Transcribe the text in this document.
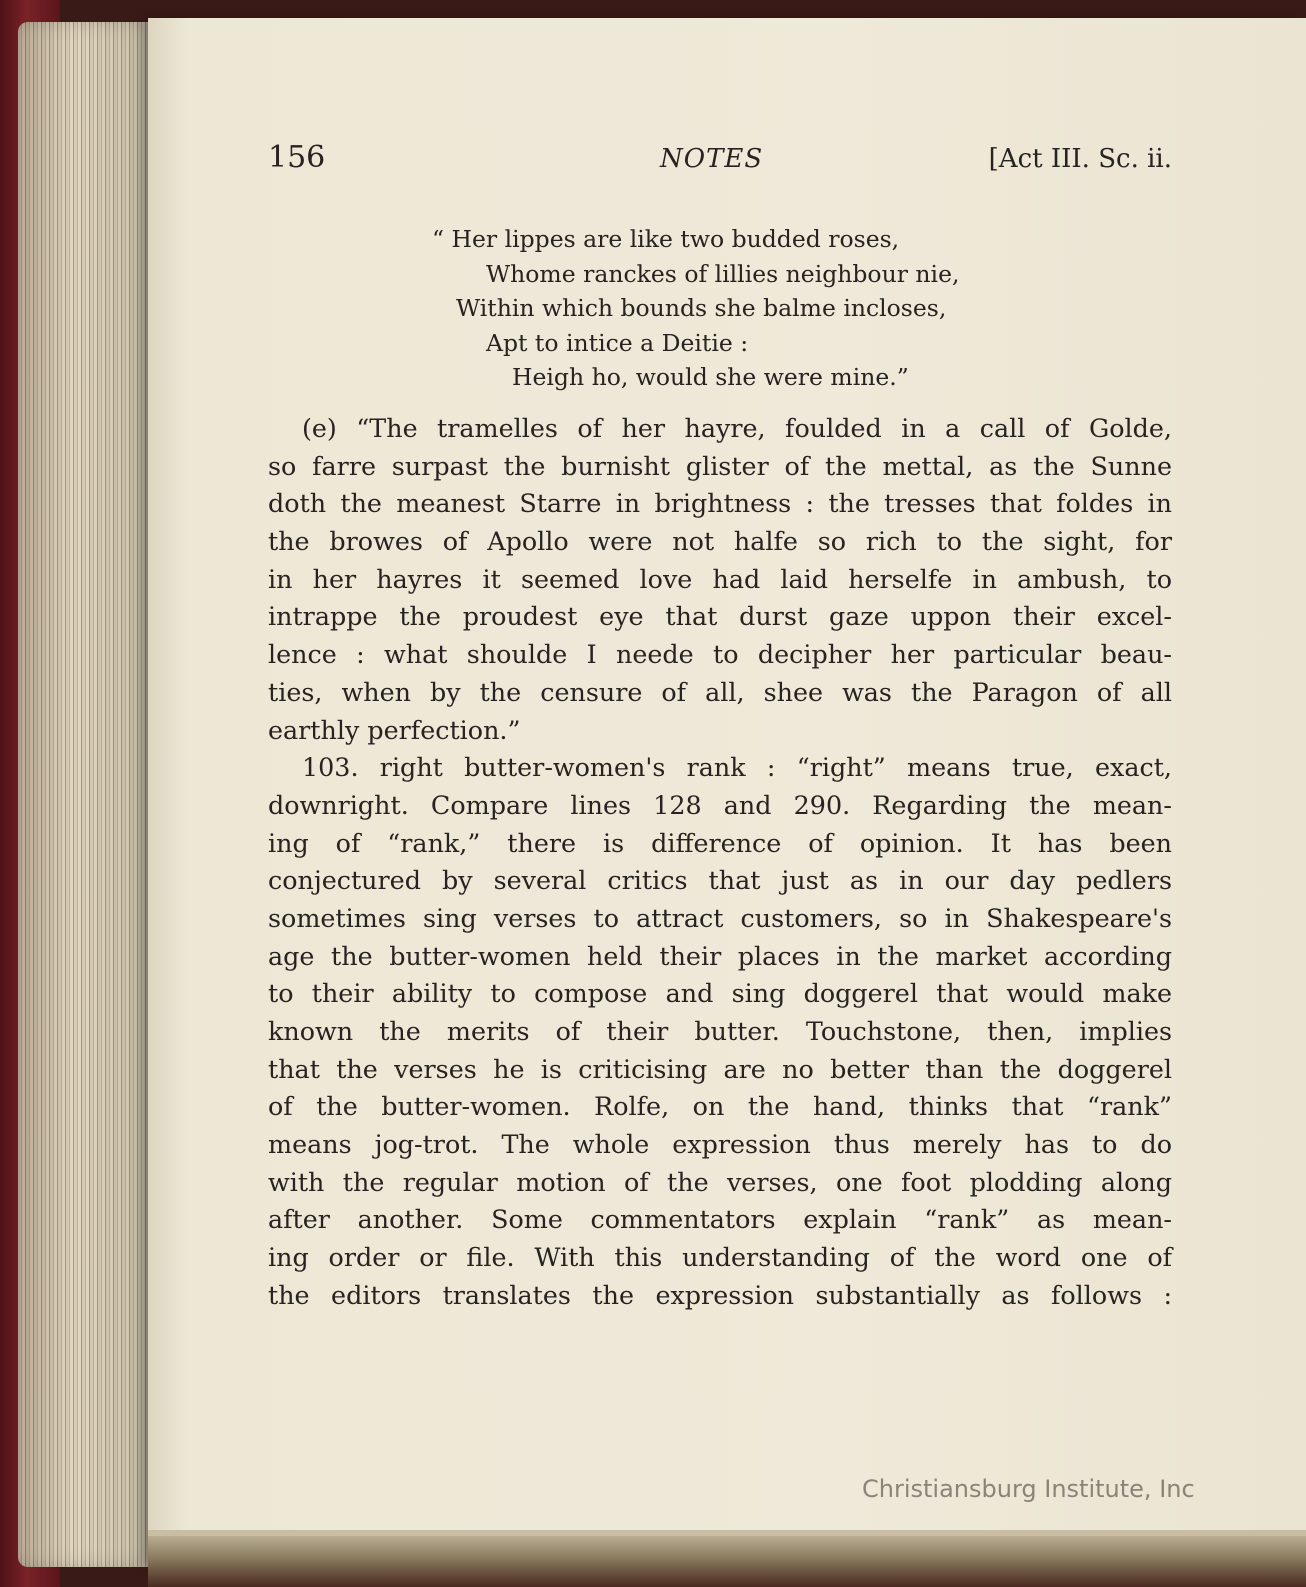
156	NOTES	[Act III. Sc. ii.
“ Her lippes are like two budded roses,
Whome ranckes of lillies neighbour nie,
Within which bounds she balme incloses,
Apt to intice a Deitie :
Heigh ho, would she were mine.”
(e) “The tramelles of her hayre, foulded in a call of Golde,
so farre surpast the burnisht glister of the mettal, as the Sunne
doth the meanest Starre in brightness : the tresses that foldes in
the browes of Apollo were not halfe so rich to the sight, for
in her hayres it seemed love had laid herselfe in ambush, to
intrappe the proudest eye that durst gaze uppon their excel-
lence : what shoulde I neede to decipher her particular beau-
ties, when by the censure of all, shee was the Paragon of all
earthly perfection.”
103. right butter-women's rank : “right” means true, exact,
downright. Compare lines 128 and 290. Regarding the mean-
ing of “rank,” there is difference of opinion. It has been
conjectured by several critics that just as in our day pedlers
sometimes sing verses to attract customers, so in Shakespeare's
age the butter-women held their places in the market according
to their ability to compose and sing doggerel that would make
known the merits of their butter. Touchstone, then, implies
that the verses he is criticising are no better than the doggerel
of the butter-women. Rolfe, on the hand, thinks that “rank”
means jog-trot. The whole expression thus merely has to do
with the regular motion of the verses, one foot plodding along
after another. Some commentators explain “rank” as mean-
ing order or file. With this understanding of the word one of
the editors translates the expression substantially as follows :
Christiansburg Institute, Inc
